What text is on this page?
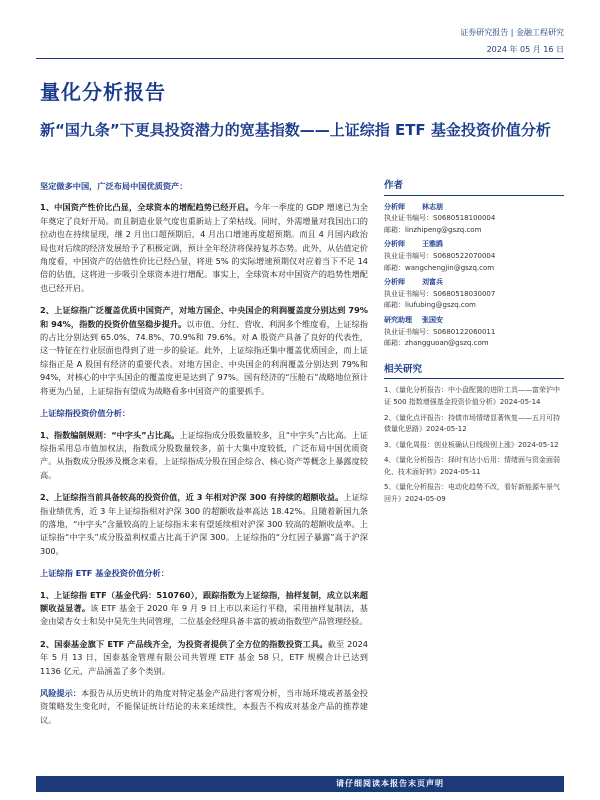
证券研究报告 | 金融工程研究
2024 年 05 月 16 日
量化分析报告
新“国九条”下更具投资潜力的宽基指数——上证综指 ETF 基金投资价值分析

坚定做多中国，广泛布局中国优质资产：

1、中国资产性价比凸显，全球资本的增配趋势已经开启。今年一季度的 GDP 增速已为全年奠定了良好开局。而且制造业景气度也重新站上了荣枯线。同时，外需增量对我国出口的拉动也在持续显现，继 2 月出口超预期后，4 月出口增速再度超预期。而且 4 月国内政治局也对后续的经济发展给予了积极定调，预计全年经济将保持复苏态势。此外，从估值定价角度看，中国资产的估值性价比已经凸显，将进 5% 的实际增速预期仅对应着当下不足 14 倍的估值，这将进一步吸引全球资本进行增配。事实上，全球资本对中国资产的趋势性增配也已经开启。

2、上证综指广泛覆盖优质中国资产，对地方国企、中央国企的利润覆盖度分别达到 79%和 94%，指数的投资价值坚稳步提升。以市值、分红、营收、利润多个维度看，上证综指的占比分别达到 65.0%、74.8%、70.9%和 79.6%。对 A 股资产具备了良好的代表性，这一特征在行业层面也得到了进一步的验证。此外，上证综指还集中覆盖优质国企，而上证综指正是 A 股国有经济的重要代表。对地方国企、中央国企的利润覆盖分别达到 79%和 94%，对核心的中字头国企的覆盖度更是达到了 97%。国有经济的“压舱石”战略地位预计将更为凸显，上证综指有望成为战略看多中国资产的重要抓手。

上证综指投资价值分析：

1、指数编制规则：“中字头”占比高。上证综指成分股数量较多，且“中字头”占比高。上证综指采用总市值加权法，指数成分股数量较多，前十大集中度较低，广泛布局中国优质资产。从指数成分股涉及概念来看，上证综指成分股在国企综合、核心资产等概念上暴露度较高。

2、上证综指当前具备较高的投资价值，近 3 年相对沪深 300 有持续的超额收益。上证综指业绩优秀，近 3 年上证综指相对沪深 300 的超额收益率高达 18.42%。且随着新国九条的落地，“中字头”含量较高的上证综指未来有望延续相对沪深 300 较高的超额收益率。上证综指“中字头”成分股盈利权重占比高于沪深 300。上证综指的“分红因子暴露”高于沪深 300。

上证综指 ETF 基金投资价值分析：

1、上证综指 ETF（基金代码：510760），跟踪指数为上证综指，抽样复制，成立以来超额收益显著。该 ETF 基金于 2020 年 9 月 9 日上市以来运行平稳，采用抽样复制法，基金由梁杏女士和吴中昊先生共同管理，二位基金经理具备丰富的被动指数型产品管理经验。

2、国泰基金旗下 ETF 产品线齐全，为投资者提供了全方位的指数投资工具。截至 2024 年 5 月 13 日，国泰基金管理有限公司共管理 ETF 基金 58 只，ETF 规模合计已达到 1136 亿元，产品涵盖了多个类别。

风险提示：本报告从历史统计的角度对特定基金产品进行客观分析，当市场环境或者基金投资策略发生变化时，不能保证统计结论的未来延续性，本报告不构成对基金产品的推荐建议。

作者
分析师 林志朋
执业证书编号：S0680518100004
邮箱：linzhipeng@gszq.com
分析师 王雅鸥
执业证书编号：S0680522070004
邮箱：wangchengjin@gszq.com
分析师 刘富兵
执业证书编号：S0680518030007
邮箱：liufubing@gszq.com
研究助理 张国安
执业证书编号：S0680122060011
邮箱：zhangguoan@gszq.com
相关研究
1、《量化分析报告：中小盘配置的进阶工具——富荣沪中证 500 指数增强基金投资价值分析》2024-05-14
2、《量化点评报告：持债市场情绪显著恢复——五月可持债量化思路》2024-05-12
3、《量化周报：创业板确认日线级别上涨》2024-05-12
4、《量化分析报告：择时有达小后用：情绪面与资金面弱化、技术面好转》2024-05-11
5、《量化分析报告：电动化趋势不改，看好新能源车景气回升》2024-05-09
请仔细阅读本报告末页声明
